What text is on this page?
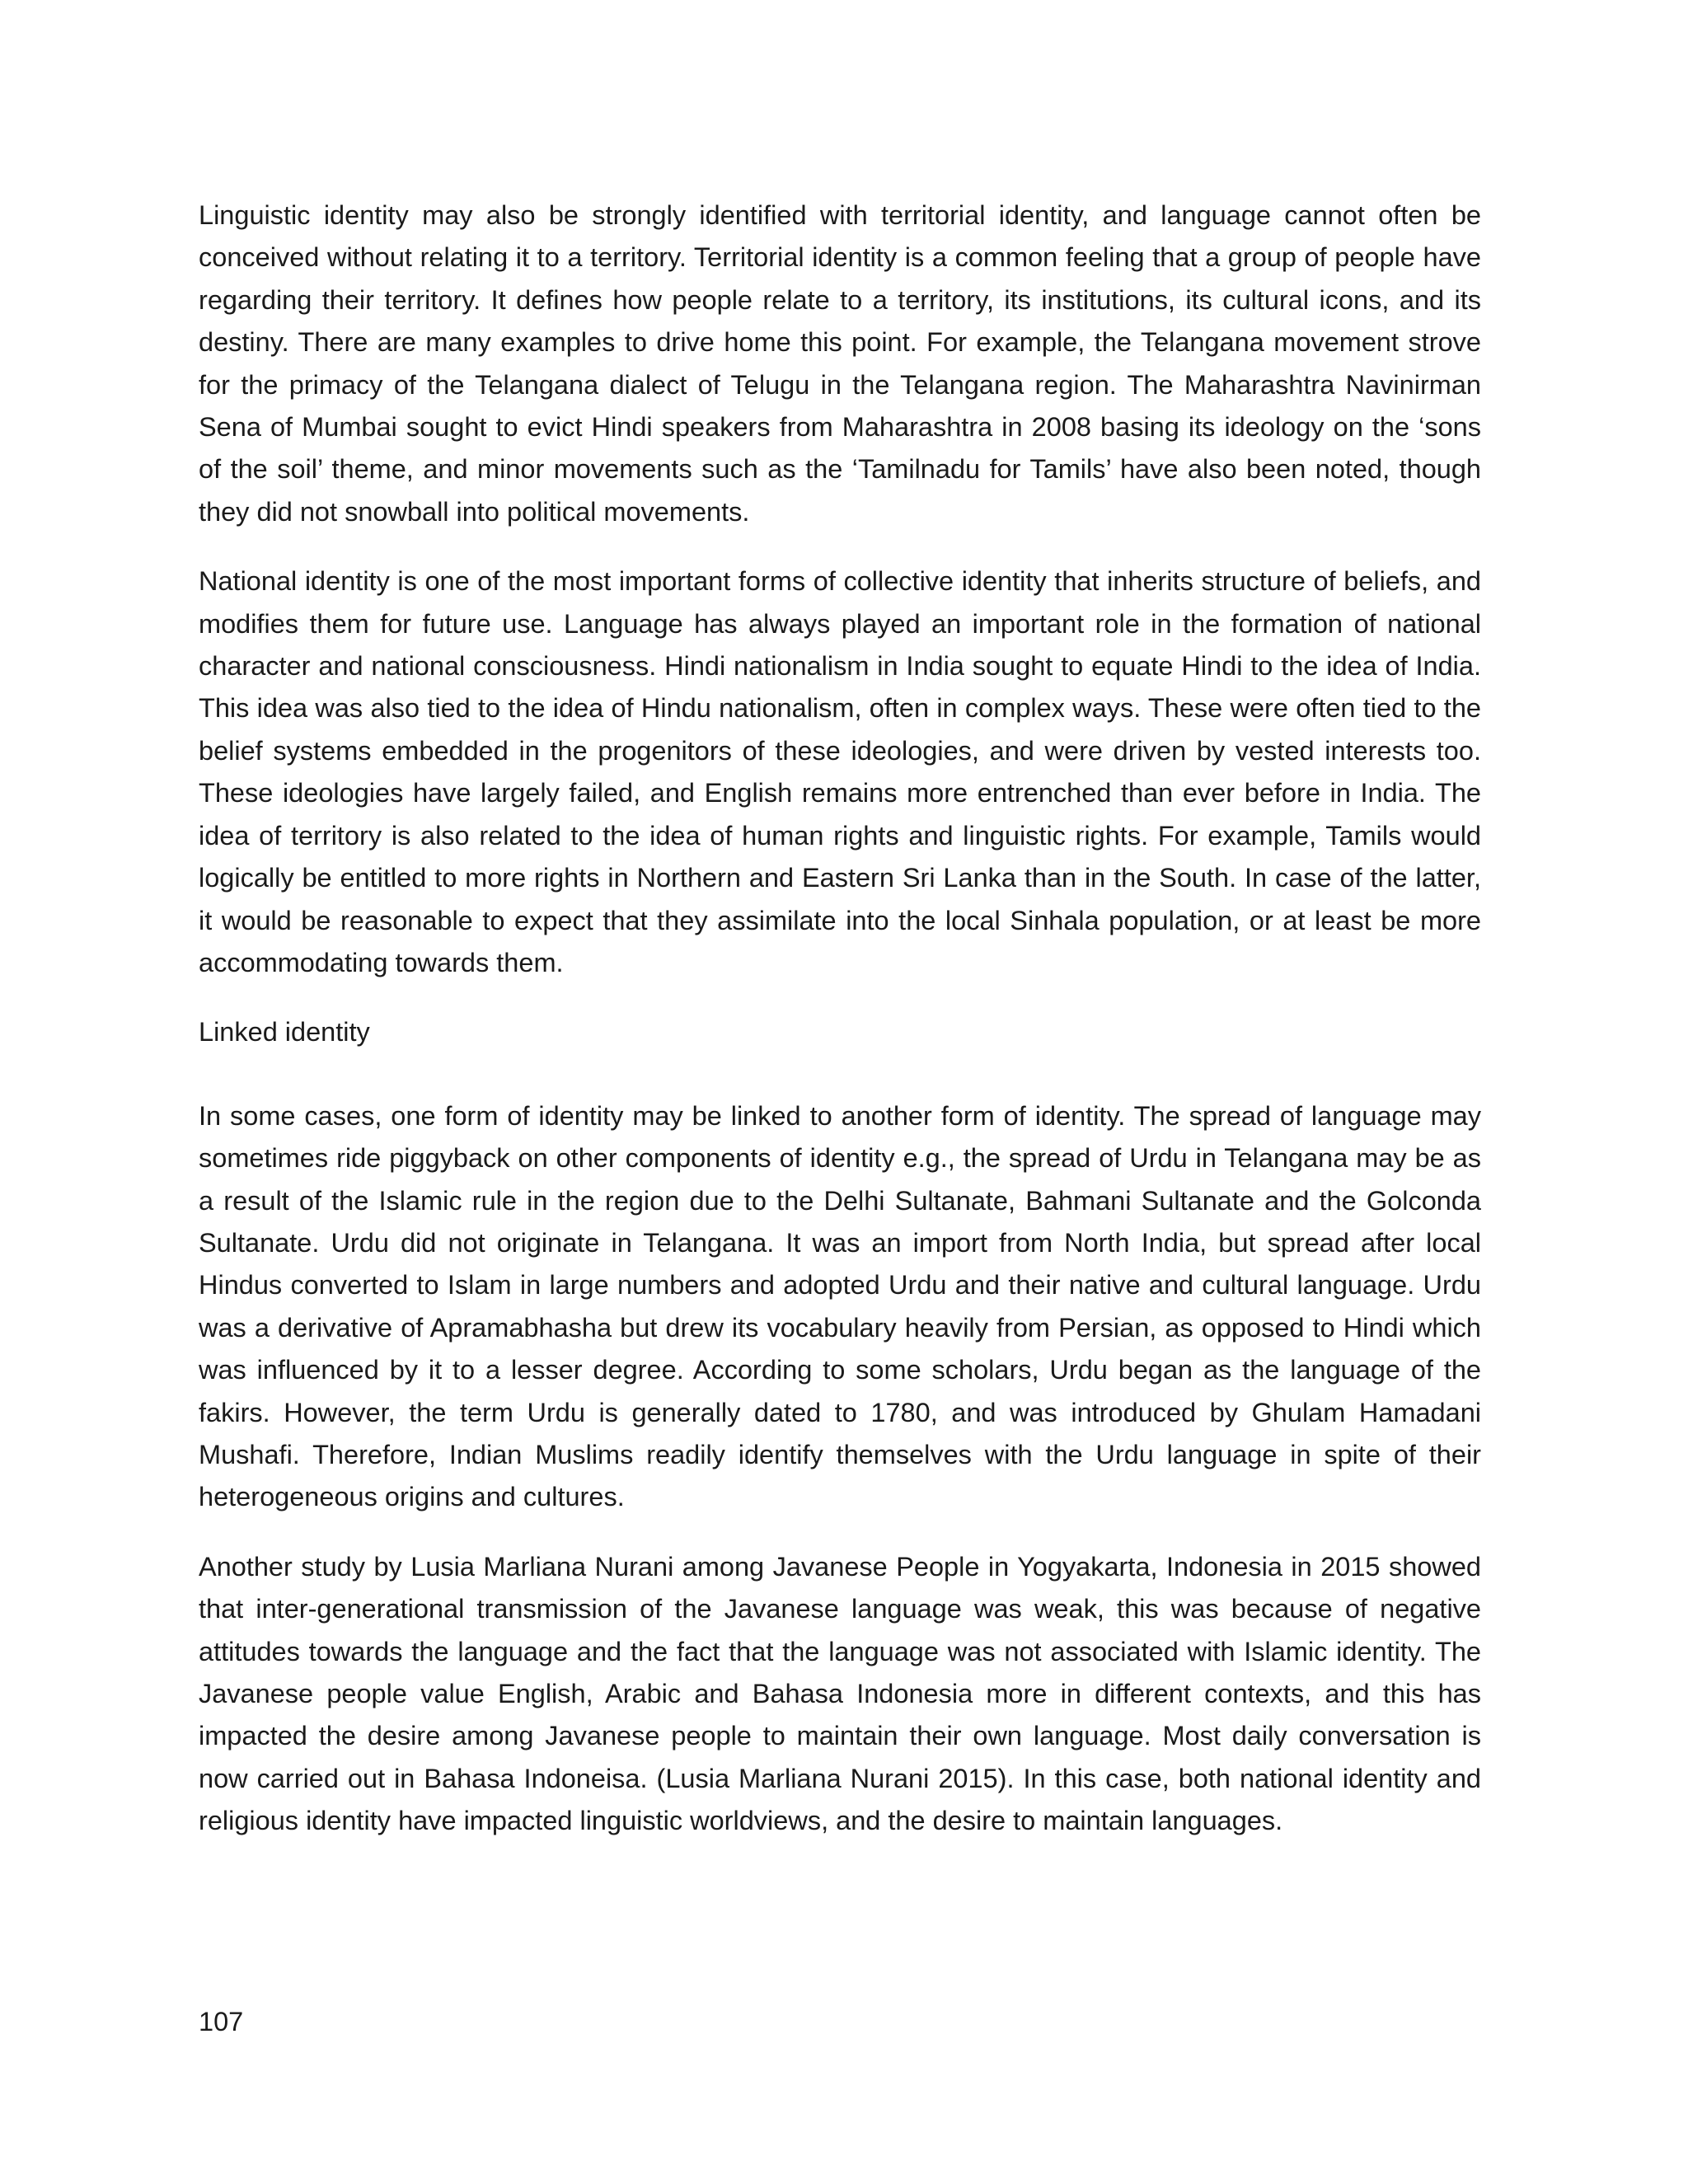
Linguistic identity may also be strongly identified with territorial identity, and language cannot often be conceived without relating it to a territory. Territorial identity is a common feeling that a group of people have regarding their territory. It defines how people relate to a territory, its institutions, its cultural icons, and its destiny. There are many examples to drive home this point. For example, the Telangana movement strove for the primacy of the Telangana dialect of Telugu in the Telangana region. The Maharashtra Navinirman Sena of Mumbai sought to evict Hindi speakers from Maharashtra in 2008 basing its ideology on the ‘sons of the soil’ theme, and minor movements such as the ‘Tamilnadu for Tamils’ have also been noted, though they did not snowball into political movements.

National identity is one of the most important forms of collective identity that inherits structure of beliefs, and modifies them for future use. Language has always played an important role in the formation of national character and national consciousness. Hindi nationalism in India sought to equate Hindi to the idea of India. This idea was also tied to the idea of Hindu nationalism, often in complex ways. These were often tied to the belief systems embedded in the progenitors of these ideologies, and were driven by vested interests too. These ideologies have largely failed, and English remains more entrenched than ever before in India. The idea of territory is also related to the idea of human rights and linguistic rights. For example, Tamils would logically be entitled to more rights in Northern and Eastern Sri Lanka than in the South. In case of the latter, it would be reasonable to expect that they assimilate into the local Sinhala population, or at least be more accommodating towards them.

Linked identity

In some cases, one form of identity may be linked to another form of identity. The spread of language may sometimes ride piggyback on other components of identity e.g., the spread of Urdu in Telangana may be as a result of the Islamic rule in the region due to the Delhi Sultanate, Bahmani Sultanate and the Golconda Sultanate. Urdu did not originate in Telangana. It was an import from North India, but spread after local Hindus converted to Islam in large numbers and adopted Urdu and their native and cultural language. Urdu was a derivative of Apramabhasha but drew its vocabulary heavily from Persian, as opposed to Hindi which was influenced by it to a lesser degree. According to some scholars, Urdu began as the language of the fakirs. However, the term Urdu is generally dated to 1780, and was introduced by Ghulam Hamadani Mushafi. Therefore, Indian Muslims readily identify themselves with the Urdu language in spite of their heterogeneous origins and cultures.

Another study by Lusia Marliana Nurani among Javanese People in Yogyakarta, Indonesia in 2015 showed that inter-generational transmission of the Javanese language was weak, this was because of negative attitudes towards the language and the fact that the language was not associated with Islamic identity. The Javanese people value English, Arabic and Bahasa Indonesia more in different contexts, and this has impacted the desire among Javanese people to maintain their own language. Most daily conversation is now carried out in Bahasa Indoneisa. (Lusia Marliana Nurani 2015). In this case, both national identity and religious identity have impacted linguistic worldviews, and the desire to maintain languages.

107
